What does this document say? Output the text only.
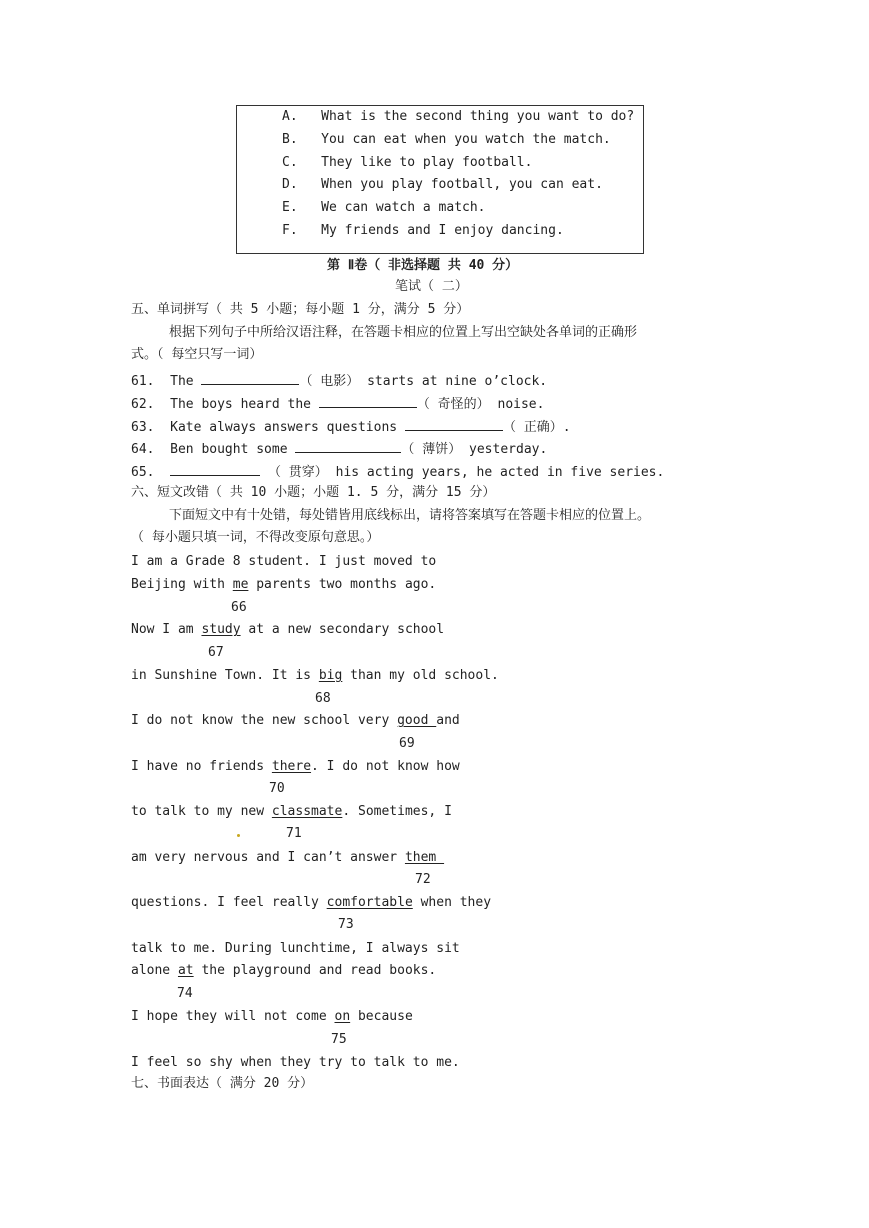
A. What is the second thing you want to do?
B. You can eat when you watch the match.
C. They like to play football.
D. When you play football, you can eat.
E. We can watch a match.
F. My friends and I enjoy dancing.
第 Ⅱ卷（ 非选择题 共 40 分）
笔试（ 二）
五、单词拼写（ 共 5 小题；每小题 1 分，满分 5 分）
根据下列句子中所给汉语注释，在答题卡相应的位置上写出空缺处各单词的正确形
式。（ 每空只写一词）
61.  The	（ 电影） starts at nine o’clock.
62.  The boys heard the	（ 奇怪的） noise.
63.  Kate always answers questions	（ 正确）.
64.  Ben bought some	（ 薄饼） yesterday.
65.	（ 贯穿） his acting years, he acted in five series.
六、短文改错（ 共 10 小题；小题 1. 5 分，满分 15 分）
下面短文中有十处错，每处错皆用底线标出，请将答案填写在答题卡相应的位置上。
（ 每小题只填一词，不得改变原句意思。）
I am a Grade 8 student. I just moved to
Beijing with me parents two months ago.
66
Now I am study at a new secondary school
67
in Sunshine Town. It is big than my old school.
68
I do not know the new school very good and
69
I have no friends there. I do not know how
70
to talk to my new classmate. Sometimes, I
71
am very nervous and I can’t answer them
72
questions. I feel really comfortable when they
73
talk to me. During lunchtime, I always sit
alone at the playground and read books.
74
I hope they will not come on because
75
I feel so shy when they try to talk to me.
七、书面表达（ 满分 20 分）
